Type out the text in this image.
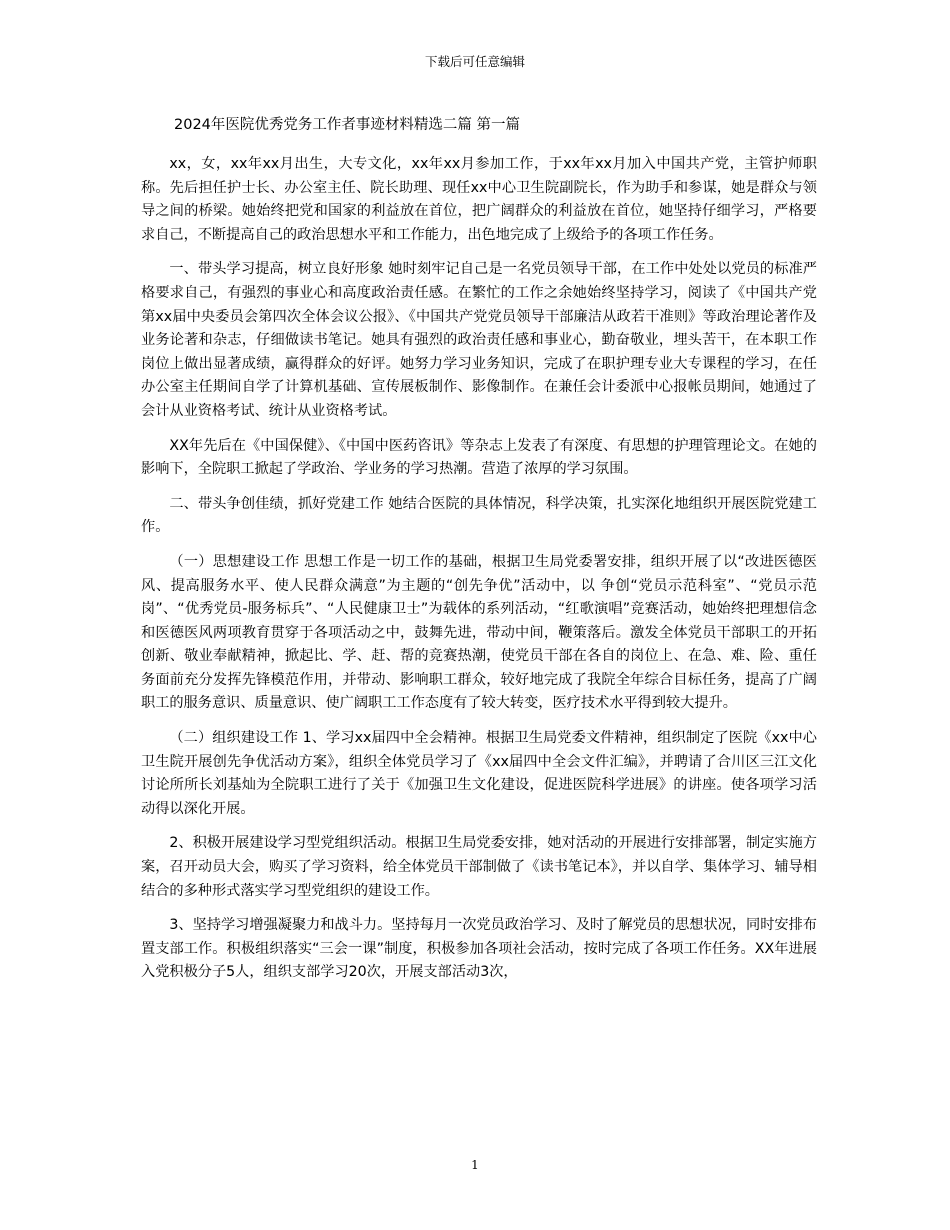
下载后可任意编辑
2024年医院优秀党务工作者事迹材料精选二篇 第一篇

xx，女，xx年xx月出生，大专文化，xx年xx月参加工作，于xx年xx月加入中国共产党，主管护师职称。先后担任护士长、办公室主任、院长助理、现任xx中心卫生院副院长，作为助手和参谋，她是群众与领导之间的桥梁。她始终把党和国家的利益放在首位，把广阔群众的利益放在首位，她坚持仔细学习，严格要求自己，不断提高自己的政治思想水平和工作能力，出色地完成了上级给予的各项工作任务。

一、带头学习提高，树立良好形象 她时刻牢记自己是一名党员领导干部，在工作中处处以党员的标准严格要求自己，有强烈的事业心和高度政治责任感。在繁忙的工作之余她始终坚持学习，阅读了《中国共产党第xx届中央委员会第四次全体会议公报》、《中国共产党党员领导干部廉洁从政若干准则》等政治理论著作及业务论著和杂志，仔细做读书笔记。她具有强烈的政治责任感和事业心，勤奋敬业，埋头苦干，在本职工作岗位上做出显著成绩，赢得群众的好评。她努力学习业务知识，完成了在职护理专业大专课程的学习，在任办公室主任期间自学了计算机基础、宣传展板制作、影像制作。在兼任会计委派中心报帐员期间，她通过了会计从业资格考试、统计从业资格考试。

XX年先后在《中国保健》、《中国中医药咨讯》等杂志上发表了有深度、有思想的护理管理论文。在她的影响下，全院职工掀起了学政治、学业务的学习热潮。营造了浓厚的学习氛围。

二、带头争创佳绩，抓好党建工作 她结合医院的具体情况，科学决策，扎实深化地组织开展医院党建工作。

（一）思想建设工作 思想工作是一切工作的基础，根据卫生局党委署安排，组织开展了以“改进医德医风、提高服务水平、使人民群众满意”为主题的“创先争优”活动中，以 争创“党员示范科室”、“党员示范岗”、“优秀党员-服务标兵”、“人民健康卫士”为载体的系列活动，“红歌演唱”竞赛活动，她始终把理想信念和医德医风两项教育贯穿于各项活动之中，鼓舞先进，带动中间，鞭策落后。激发全体党员干部职工的开拓创新、敬业奉献精神，掀起比、学、赶、帮的竞赛热潮，使党员干部在各自的岗位上、在急、难、险、重任务面前充分发挥先锋模范作用，并带动、影响职工群众，较好地完成了我院全年综合目标任务，提高了广阔职工的服务意识、质量意识、使广阔职工工作态度有了较大转变，医疗技术水平得到较大提升。

（二）组织建设工作 1、学习xx届四中全会精神。根据卫生局党委文件精神，组织制定了医院《xx中心卫生院开展创先争优活动方案》，组织全体党员学习了《xx届四中全会文件汇编》，并聘请了合川区三江文化讨论所所长刘基灿为全院职工进行了关于《加强卫生文化建设，促进医院科学进展》的讲座。使各项学习活动得以深化开展。

2、积极开展建设学习型党组织活动。根据卫生局党委安排，她对活动的开展进行安排部署，制定实施方案，召开动员大会，购买了学习资料，给全体党员干部制做了《读书笔记本》，并以自学、集体学习、辅导相结合的多种形式落实学习型党组织的建设工作。

3、坚持学习增强凝聚力和战斗力。坚持每月一次党员政治学习、及时了解党员的思想状况，同时安排布置支部工作。积极组织落实“三会一课”制度，积极参加各项社会活动，按时完成了各项工作任务。XX年进展入党积极分子5人，组织支部学习20次，开展支部活动3次，

1
